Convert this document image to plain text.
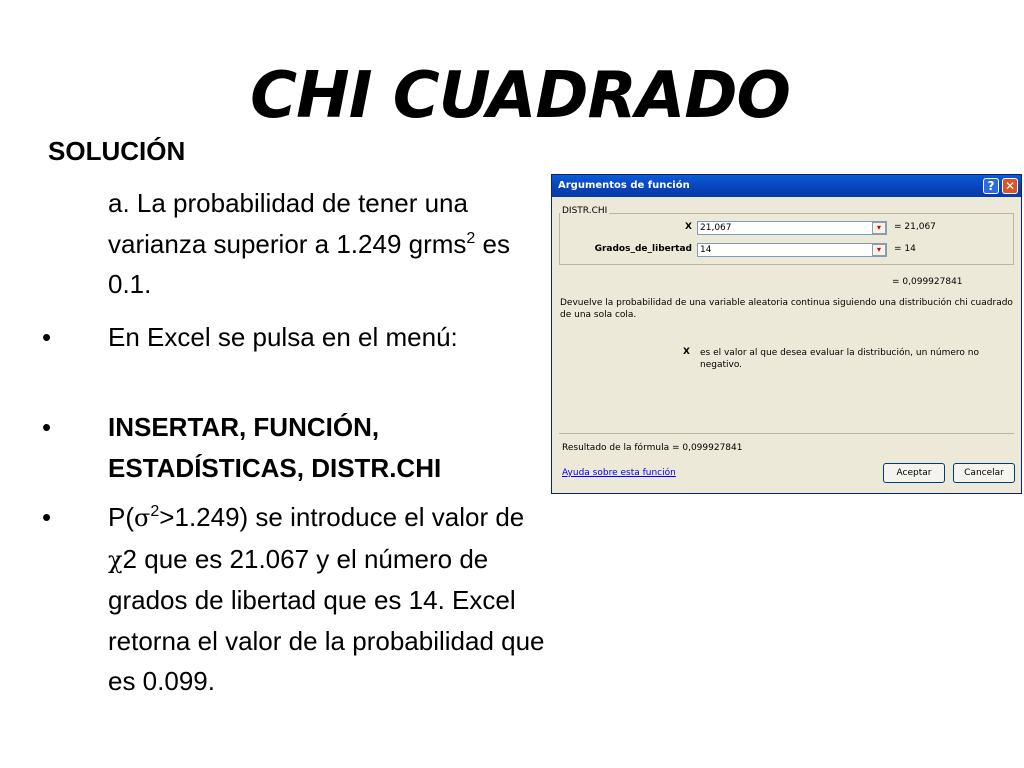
CHI CUADRADO
SOLUCIÓN
a. La probabilidad de tener una varianza superior a 1.249 grms$^2$ es 0.1.
• En Excel se pulsa en el menú:
• INSERTAR, FUNCIÓN, ESTADÍSTICAS, DISTR.CHI
• $P(\sigma^2>1.249)$ se introduce el valor de χ2 que es 21.067 y el número de grados de libertad que es 14. Excel retorna el valor de la probabilidad que es 0.099.
Argumentos de función	? ✕
DISTR.CHI
X 21,067	▾	= 21,067
Grados_de_libertad 14	▾	= 14
= 0,099927841
Devuelve la probabilidad de una variable aleatoria continua siguiendo una distribución chi cuadrado de una sola cola.
X es el valor al que desea evaluar la distribución, un número no negativo.
Resultado de la fórmula = 0,099927841
Ayuda sobre esta función	Aceptar	Cancelar
